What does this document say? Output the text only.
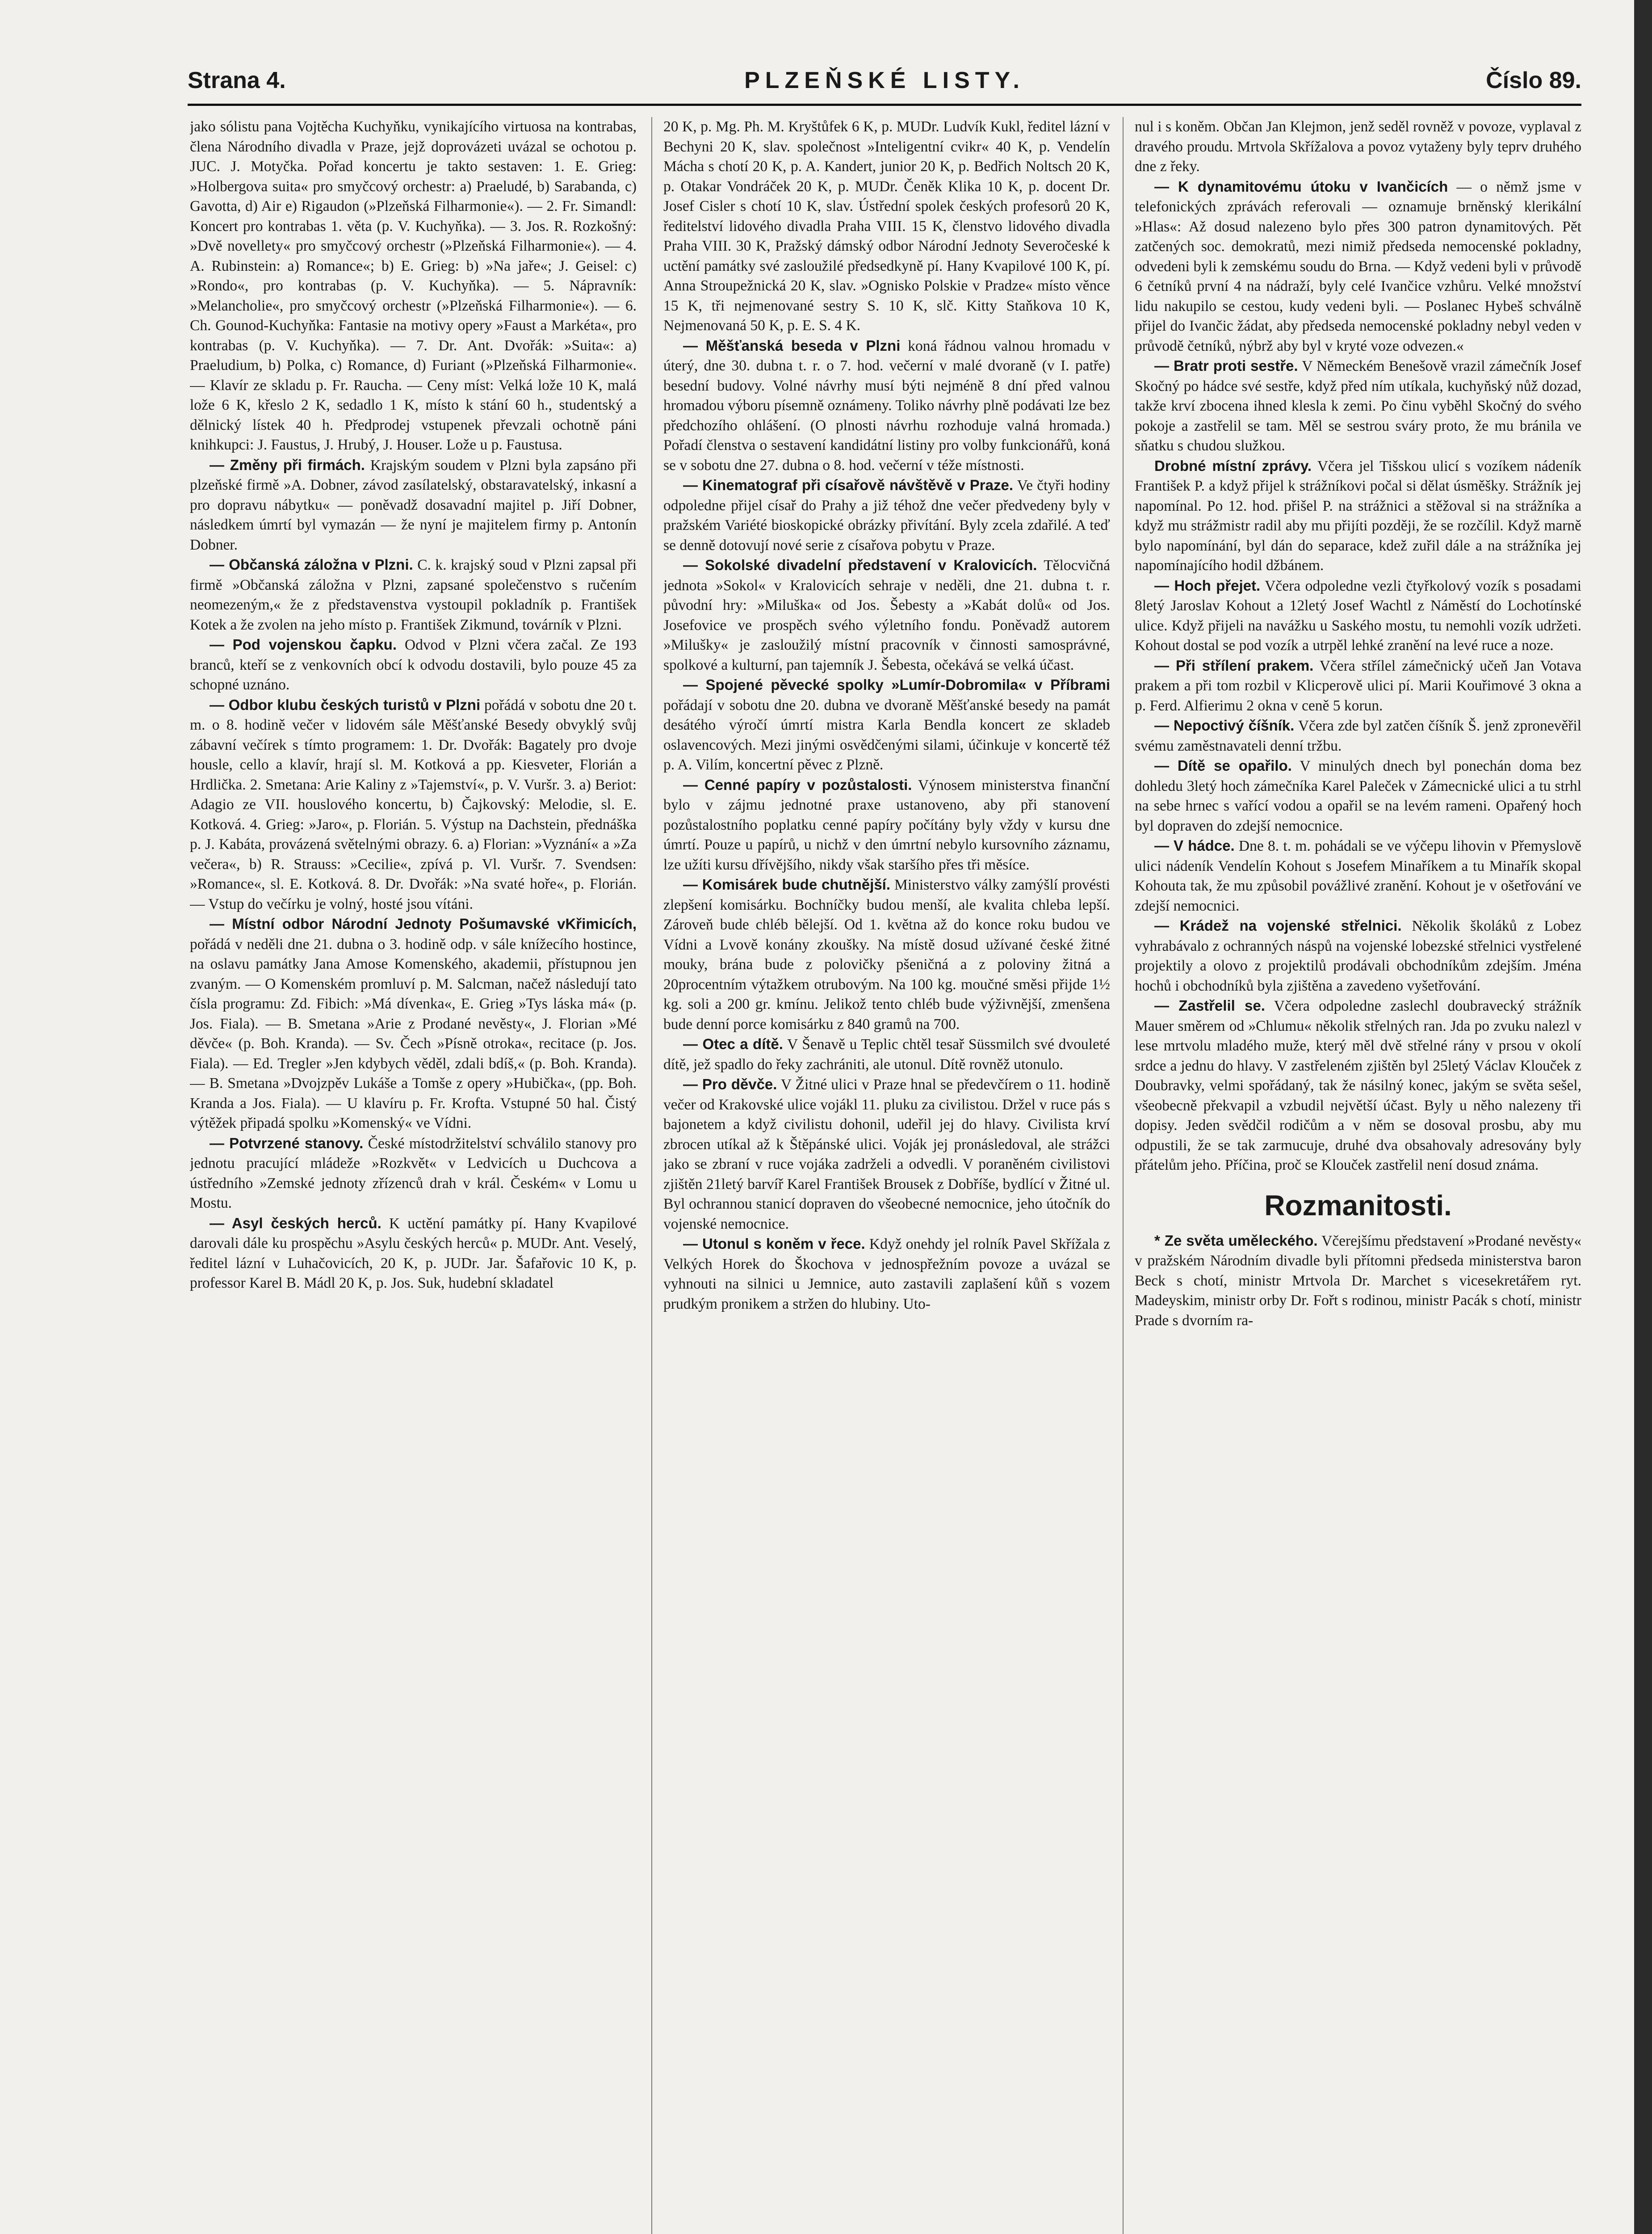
Strana 4.	PLZEŇSKÉ LISTY.	Číslo 89.

jako sólistu pana Vojtěcha Kuchyňku, vynikajícího virtuosa na kontrabas, člena Národního divadla v Praze, jejž doprovázeti uvázal se ochotou p. JUC. J. Motyčka. Pořad koncertu je takto sestaven: 1. E. Grieg: »Holbergova suita« pro smyčcový orchestr: a) Praeludé, b) Sarabanda, c) Gavotta, d) Air e) Rigaudon (»Plzeňská Filharmonie«). — 2. Fr. Simandl: Koncert pro kontrabas 1. věta (p. V. Kuchyňka). — 3. Jos. R. Rozkošný: »Dvě novellety« pro smyčcový orchestr (»Plzeňská Filharmonie«). — 4. A. Rubinstein: a) Romance«; b) E. Grieg: b) »Na jaře«; J. Geisel: c) »Rondo«, pro kontrabas (p. V. Kuchyňka). — 5. Nápravník: »Melancholie«, pro smyčcový orchestr (»Plzeňská Filharmonie«). — 6. Ch. Gounod-Kuchyňka: Fantasie na motivy opery »Faust a Markéta«, pro kontrabas (p. V. Kuchyňka). — 7. Dr. Ant. Dvořák: »Suita«: a) Praeludium, b) Polka, c) Romance, d) Furiant (»Plzeňská Filharmonie«. — Klavír ze skladu p. Fr. Raucha. — Ceny míst: Velká lože 10 K, malá lože 6 K, křeslo 2 K, sedadlo 1 K, místo k stání 60 h., studentský a dělnický lístek 40 h. Předprodej vstupenek převzali ochotně páni knihkupci: J. Faustus, J. Hrubý, J. Houser. Lože u p. Faustusa.

— Změny při firmách. Krajským soudem v Plzni byla zapsáno při plzeňské firmě »A. Dobner, závod zasílatelský, obstaravatelský, inkasní a pro dopravu nábytku« — poněvadž dosavadní majitel p. Jiří Dobner, následkem úmrtí byl vymazán — že nyní je majitelem firmy p. Antonín Dobner.

— Občanská záložna v Plzni. C. k. krajský soud v Plzni zapsal při firmě »Občanská záložna v Plzni, zapsané společenstvo s ručením neomezeným,« že z představenstva vystoupil pokladník p. František Kotek a že zvolen na jeho místo p. František Zikmund, továrník v Plzni.

— Pod vojenskou čapku. Odvod v Plzni včera začal. Ze 193 branců, kteří se z venkovních obcí k odvodu dostavili, bylo pouze 45 za schopné uznáno.

— Odbor klubu českých turistů v Plzni pořádá v sobotu dne 20 t. m. o 8. hodině večer v lidovém sále Měšťanské Besedy obvyklý svůj zábavní večírek s tímto programem: 1. Dr. Dvořák: Bagately pro dvoje housle, cello a klavír, hrají sl. M. Kotková a pp. Kiesveter, Florián a Hrdlička. 2. Smetana: Arie Kaliny z »Tajemství«, p. V. Vuršr. 3. a) Beriot: Adagio ze VII. houslového koncertu, b) Čajkovský: Melodie, sl. E. Kotková. 4. Grieg: »Jaro«, p. Florián. 5. Výstup na Dachstein, přednáška p. J. Kabáta, provázená světelnými obrazy. 6. a) Florian: »Vyznání« a »Za večera«, b) R. Strauss: »Cecilie«, zpívá p. Vl. Vuršr. 7. Svendsen: »Romance«, sl. E. Kotková. 8. Dr. Dvořák: »Na svaté hoře«, p. Florián. — Vstup do večírku je volný, hosté jsou vítáni.

— Místní odbor Národní Jednoty Pošumavské vKřimicích, pořádá v neděli dne 21. dubna o 3. hodině odp. v sále knížecího hostince, na oslavu památky Jana Amose Komenského, akademii, přístupnou jen zvaným. — O Komenském promluví p. M. Salcman, načež následují tato čísla programu: Zd. Fibich: »Má dívenka«, E. Grieg »Tys láska má« (p. Jos. Fiala). — B. Smetana »Arie z Prodané nevěsty«, J. Florian »Mé děvče« (p. Boh. Kranda). — Sv. Čech »Písně otroka«, recitace (p. Jos. Fiala). — Ed. Tregler »Jen kdybych věděl, zdali bdíš,« (p. Boh. Kranda). — B. Smetana »Dvojzpěv Lukáše a Tomše z opery »Hubička«, (pp. Boh. Kranda a Jos. Fiala). — U klavíru p. Fr. Krofta. Vstupné 50 hal. Čistý výtěžek připadá spolku »Komenský« ve Vídni.

— Potvrzené stanovy. České místodržitelství schválilo stanovy pro jednotu pracující mládeže »Rozkvět« v Ledvicích u Duchcova a ústředního »Zemské jednoty zřízenců drah v král. Českém« v Lomu u Mostu.

— Asyl českých herců. K uctění památky pí. Hany Kvapilové darovali dále ku prospěchu »Asylu českých herců« p. MUDr. Ant. Veselý, ředitel lázní v Luhačovicích, 20 K, p. JUDr. Jar. Šafařovic 10 K, p. professor Karel B. Mádl 20 K, p. Jos. Suk, hudební skladatel

20 K, p. Mg. Ph. M. Kryštůfek 6 K, p. MUDr. Ludvík Kukl, ředitel lázní v Bechyni 20 K, slav. společnost »Inteligentní cvikr« 40 K, p. Vendelín Mácha s chotí 20 K, p. A. Kandert, junior 20 K, p. Bedřich Noltsch 20 K, p. Otakar Vondráček 20 K, p. MUDr. Čeněk Klika 10 K, p. docent Dr. Josef Cisler s chotí 10 K, slav. Ústřední spolek českých profesorů 20 K, ředitelství lidového divadla Praha VIII. 15 K, členstvo lidového divadla Praha VIII. 30 K, Pražský dámský odbor Národní Jednoty Severočeské k uctění památky své zasloužilé předsedkyně pí. Hany Kvapilové 100 K, pí. Anna Stroupežnická 20 K, slav. »Ognisko Polskie v Pradze« místo věnce 15 K, tři nejmenované sestry S. 10 K, slč. Kitty Staňkova 10 K, Nejmenovaná 50 K, p. E. S. 4 K.

— Měšťanská beseda v Plzni koná řádnou valnou hromadu v úterý, dne 30. dubna t. r. o 7. hod. večerní v malé dvoraně (v I. patře) besední budovy. Volné návrhy musí býti nejméně 8 dní před valnou hromadou výboru písemně oznámeny. Toliko návrhy plně podávati lze bez předchozího ohlášení. (O plnosti návrhu rozhoduje valná hromada.) Pořadí členstva o sestavení kandidátní listiny pro volby funkcionářů, koná se v sobotu dne 27. dubna o 8. hod. večerní v téže místnosti.

— Kinematograf při císařově návštěvě v Praze. Ve čtyři hodiny odpoledne přijel císař do Prahy a již téhož dne večer předvedeny byly v pražském Variété bioskopické obrázky přivítání. Byly zcela zdařilé. A teď se denně dotovují nové serie z císařova pobytu v Praze.

— Sokolské divadelní představení v Kralovicích. Tělocvičná jednota »Sokol« v Kralovicích sehraje v neděli, dne 21. dubna t. r. původní hry: »Miluška« od Jos. Šebesty a »Kabát dolů« od Jos. Josefovice ve prospěch svého výletního fondu. Poněvadž autorem »Milušky« je zasloužilý místní pracovník v činnosti samosprávné, spolkové a kulturní, pan tajemník J. Šebesta, očekává se velká účast.

— Spojené pěvecké spolky »Lumír-Dobromila« v Příbrami pořádají v sobotu dne 20. dubna ve dvoraně Měšťanské besedy na památ desátého výročí úmrtí mistra Karla Bendla koncert ze skladeb oslavencových. Mezi jinými osvědčenými silami, účinkuje v koncertě též p. A. Vilím, koncertní pěvec z Plzně.

— Cenné papíry v pozůstalosti. Výnosem ministerstva finanční bylo v zájmu jednotné praxe ustanoveno, aby při stanovení pozůstalostního poplatku cenné papíry počítány byly vždy v kursu dne úmrtí. Pouze u papírů, u nichž v den úmrtní nebylo kursovního záznamu, lze užíti kursu dřívějšího, nikdy však staršího přes tři měsíce.

— Komisárek bude chutnější. Ministerstvo války zamýšlí provésti zlepšení komisárku. Bochníčky budou menší, ale kvalita chleba lepší. Zároveň bude chléb bělejší. Od 1. května až do konce roku budou ve Vídni a Lvově konány zkoušky. Na místě dosud užívané české žitné mouky, brána bude z polovičky pšeničná a z poloviny žitná a 20procentním výtažkem otrubovým. Na 100 kg. moučné směsi přijde 1½ kg. soli a 200 gr. kmínu. Jelikož tento chléb bude výživnější, zmenšena bude denní porce komisárku z 840 gramů na 700.

— Otec a dítě. V Šenavě u Teplic chtěl tesař Süssmilch své dvouleté dítě, jež spadlo do řeky zachrániti, ale utonul. Dítě rovněž utonulo.

— Pro děvče. V Žitné ulici v Praze hnal se předevčírem o 11. hodině večer od Krakovské ulice vojákl 11. pluku za civilistou. Držel v ruce pás s bajonetem a když civilistu dohonil, udeřil jej do hlavy. Civilista krví zbrocen utíkal až k Štěpánské ulici. Voják jej pronásledoval, ale strážci jako se zbraní v ruce vojáka zadrželi a odvedli. V poraněném civilistovi zjištěn 21letý barvíř Karel František Brousek z Dobříše, bydlící v Žitné ul. Byl ochrannou stanicí dopraven do všeobecné nemocnice, jeho útočník do vojenské nemocnice.

— Utonul s koněm v řece. Když onehdy jel rolník Pavel Skřížala z Velkých Horek do Škochova v jednospřežním povoze a uvázal se vyhnouti na silnici u Jemnice, auto zastavili zaplašení kůň s vozem prudkým pronikem a stržen do hlubiny. Uto-

nul i s koněm. Občan Jan Klejmon, jenž seděl rovněž v povoze, vyplaval z dravého proudu. Mrtvola Skřížalova a povoz vytaženy byly teprv druhého dne z řeky.

— K dynamitovému útoku v Ivančicích — o němž jsme v telefonických zprávách referovali — oznamuje brněnský klerikální »Hlas«: Až dosud nalezeno bylo přes 300 patron dynamitových. Pět zatčených soc. demokratů, mezi nimiž předseda nemocenské pokladny, odvedeni byli k zemskému soudu do Brna. — Když vedeni byli v průvodě 6 četníků první 4 na nádraží, byly celé Ivančice vzhůru. Velké množství lidu nakupilo se cestou, kudy vedeni byli. — Poslanec Hybeš schválně přijel do Ivančic žádat, aby předseda nemocenské pokladny nebyl veden v průvodě četníků, nýbrž aby byl v kryté voze odvezen.«

— Bratr proti sestře. V Německém Benešově vrazil zámečník Josef Skočný po hádce své sestře, když před ním utíkala, kuchyňský nůž dozad, takže krví zbocena ihned klesla k zemi. Po činu vyběhl Skočný do svého pokoje a zastřelil se tam. Měl se sestrou sváry proto, že mu bránila ve sňatku s chudou služkou.

Drobné místní zprávy. Včera jel Tišskou ulicí s vozíkem nádeník František P. a když přijel k strážníkovi počal si dělat úsměšky. Strážník jej napomínal. Po 12. hod. přišel P. na strážnici a stěžoval si na strážníka a když mu strážmistr radil aby mu přijíti později, že se rozčílil. Když marně bylo napomínání, byl dán do separace, kdež zuřil dále a na strážníka jej napomínajícího hodil džbánem.

— Hoch přejet. Včera odpoledne vezli čtyřkolový vozík s posadami 8letý Jaroslav Kohout a 12letý Josef Wachtl z Náměstí do Lochotínské ulice. Když přijeli na navážku u Saského mostu, tu nemohli vozík udržeti. Kohout dostal se pod vozík a utrpěl lehké zranění na levé ruce a noze.

— Při střílení prakem. Včera střílel zámečnický učeň Jan Votava prakem a při tom rozbil v Klicperově ulici pí. Marii Kouřimové 3 okna a p. Ferd. Alfierimu 2 okna v ceně 5 korun.

— Nepoctivý číšník. Včera zde byl zatčen číšník Š. jenž zpronevěřil svému zaměstnavateli denní tržbu.

— Dítě se opařilo. V minulých dnech byl ponechán doma bez dohledu 3letý hoch zámečníka Karel Paleček v Zámecnické ulici a tu strhl na sebe hrnec s vařící vodou a opařil se na levém rameni. Opařený hoch byl dopraven do zdejší nemocnice.

— V hádce. Dne 8. t. m. pohádali se ve výčepu lihovin v Přemyslově ulici nádeník Vendelín Kohout s Josefem Minaříkem a tu Minařík skopal Kohouta tak, že mu způsobil povážlivé zranění. Kohout je v ošetřování ve zdejší nemocnici.

— Krádež na vojenské střelnici. Několik školáků z Lobez vyhrabávalo z ochranných náspů na vojenské lobezské střelnici vystřelené projektily a olovo z projektilů prodávali obchodníkům zdejším. Jména hochů i obchodníků byla zjištěna a zavedeno vyšetřování.

— Zastřelil se. Včera odpoledne zaslechl doubravecký strážník Mauer směrem od »Chlumu« několik střelných ran. Jda po zvuku nalezl v lese mrtvolu mladého muže, který měl dvě střelné rány v prsou v okolí srdce a jednu do hlavy. V zastřeleném zjištěn byl 25letý Václav Klouček z Doubravky, velmi spořádaný, tak že násilný konec, jakým se světa sešel, všeobecně překvapil a vzbudil největší účast. Byly u něho nalezeny tři dopisy. Jeden svědčil rodičům a v něm se dosoval prosbu, aby mu odpustili, že se tak zarmucuje, druhé dva obsahovaly adresovány byly přátelům jeho. Příčina, proč se Klouček zastřelil není dosud známa.

Rozmanitosti.

* Ze světa uměleckého. Včerejšímu představení »Prodané nevěsty« v pražském Národním divadle byli přítomni předseda ministerstva baron Beck s chotí, ministr Mrtvola Dr. Marchet s vicesekretářem ryt. Madeyskim, ministr orby Dr. Fořt s rodinou, ministr Pacák s chotí, ministr Prade s dvorním ra-
